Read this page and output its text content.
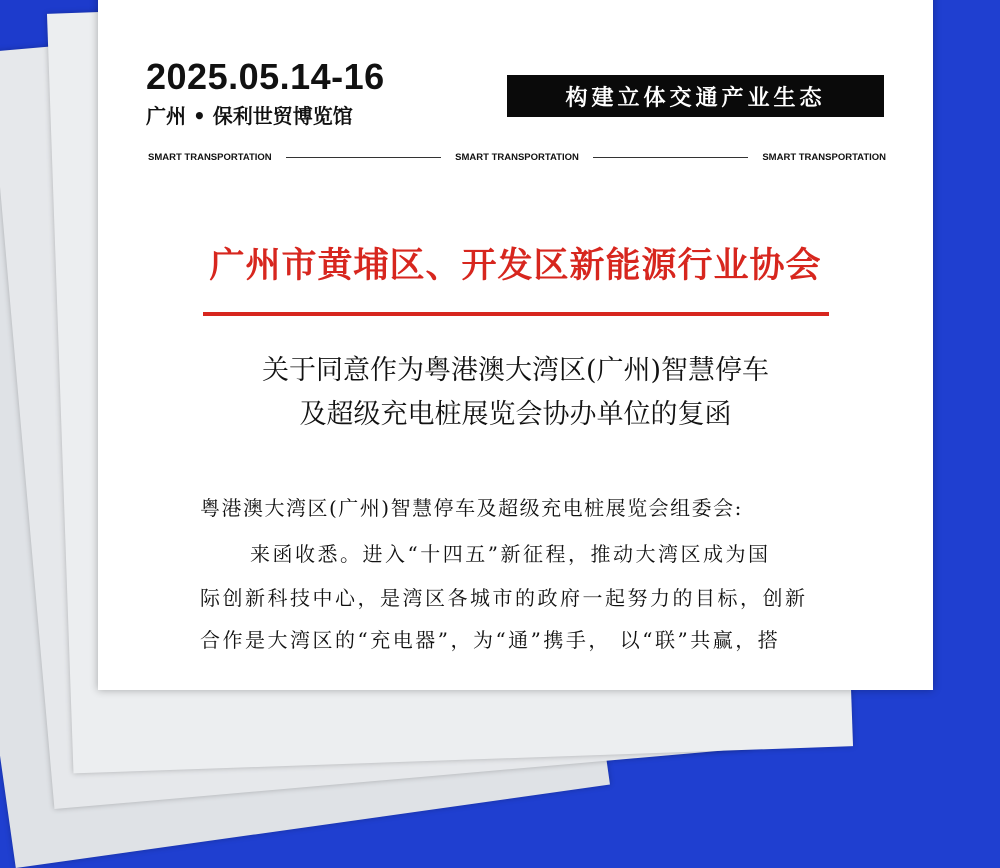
2025.05.14-16
广州 • 保利世贸博览馆
构建立体交通产业生态
SMART TRANSPORTATION	SMART TRANSPORTATION	SMART TRANSPORTATION
广州市黄埔区、开发区新能源行业协会
关于同意作为粤港澳大湾区(广州)智慧停车
及超级充电桩展览会协办单位的复函
粤港澳大湾区(广州)智慧停车及超级充电桩展览会组委会:
来函收悉。进入“十四五”新征程，推动大湾区成为国
际创新科技中心，是湾区各城市的政府一起努力的目标，创新
合作是大湾区的“充电器”，为“通”携手， 以“联”共赢，搭
